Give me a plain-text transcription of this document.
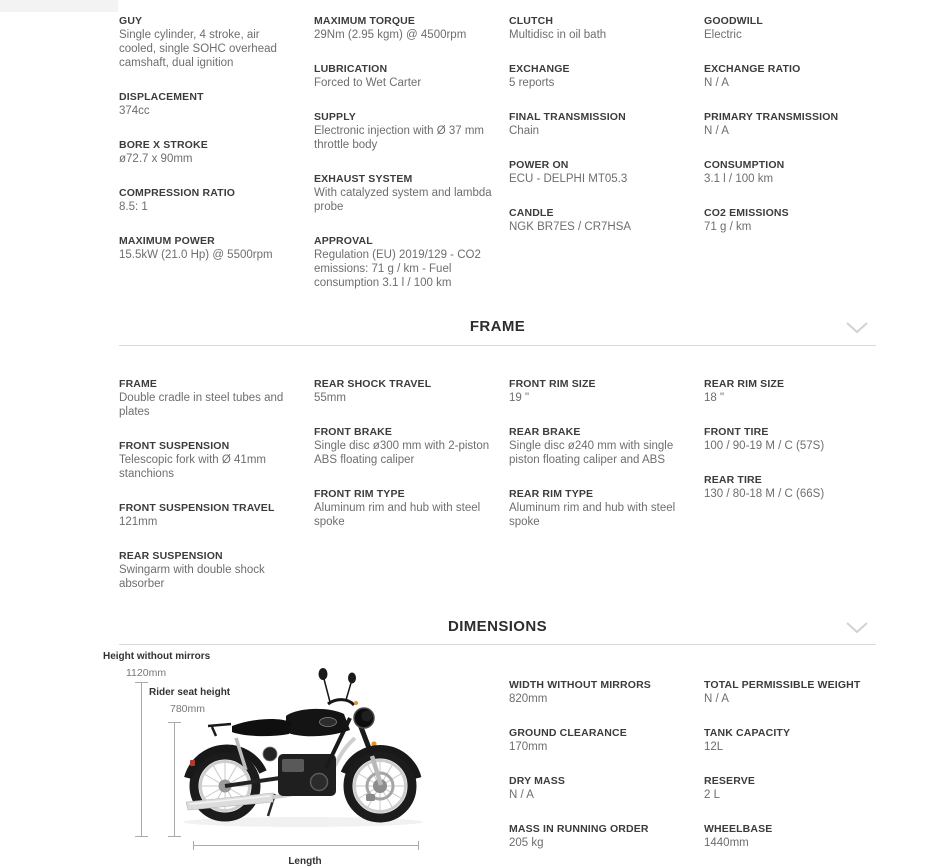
GUY
Single cylinder, 4 stroke, air cooled, single SOHC overhead camshaft, dual ignition
DISPLACEMENT
374cc
BORE X STROKE
ø72.7 x 90mm
COMPRESSION RATIO
8.5: 1
MAXIMUM POWER
15.5kW (21.0 Hp) @ 5500rpm
MAXIMUM TORQUE
29Nm (2.95 kgm) @ 4500rpm
LUBRICATION
Forced to Wet Carter
SUPPLY
Electronic injection with Ø 37 mm throttle body
EXHAUST SYSTEM
With catalyzed system and lambda probe
APPROVAL
Regulation (EU) 2019/129 - CO2 emissions: 71 g / km - Fuel consumption 3.1 l / 100 km
CLUTCH
Multidisc in oil bath
EXCHANGE
5 reports
FINAL TRANSMISSION
Chain
POWER ON
ECU - DELPHI MT05.3
CANDLE
NGK BR7ES / CR7HSA
GOODWILL
Electric
EXCHANGE RATIO
N / A
PRIMARY TRANSMISSION
N / A
CONSUMPTION
3.1 l / 100 km
CO2 EMISSIONS
71 g / km
FRAME
FRAME
Double cradle in steel tubes and plates
FRONT SUSPENSION
Telescopic fork with Ø 41mm stanchions
FRONT SUSPENSION TRAVEL
121mm
REAR SUSPENSION
Swingarm with double shock absorber
REAR SHOCK TRAVEL
55mm
FRONT BRAKE
Single disc ø300 mm with 2-piston ABS floating caliper
FRONT RIM TYPE
Aluminum rim and hub with steel spoke
FRONT RIM SIZE
19 "
REAR BRAKE
Single disc ø240 mm with single piston floating caliper and ABS
REAR RIM TYPE
Aluminum rim and hub with steel spoke
REAR RIM SIZE
18 "
FRONT TIRE
100 / 90-19 M / C (57S)
REAR TIRE
130 / 80-18 M / C (66S)
DIMENSIONS
Height without mirrors
1120mm
Rider seat height
780mm
Length
WIDTH WITHOUT MIRRORS
820mm
GROUND CLEARANCE
170mm
DRY MASS
N / A
MASS IN RUNNING ORDER
205 kg
TOTAL PERMISSIBLE WEIGHT
N / A
TANK CAPACITY
12L
RESERVE
2 L
WHEELBASE
1440mm
